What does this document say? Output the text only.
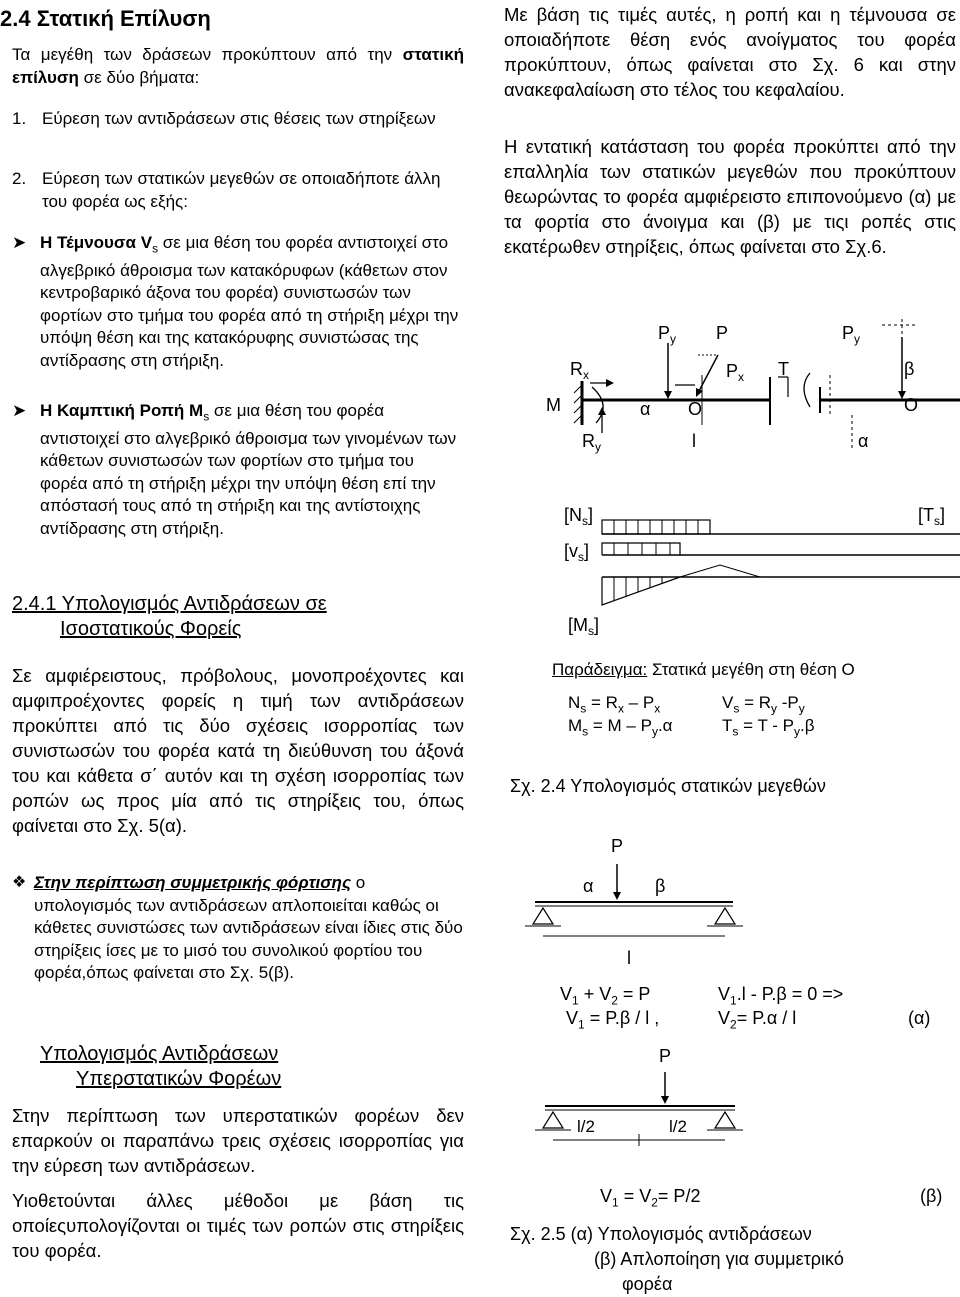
2.4 Στατική Επίλυση
Τα μεγέθη των δράσεων προκύπτουν από την στατική επίλυση σε δύο βήματα:
1. Εύρεση των αντιδράσεων στις θέσεις των στηρίξεων
2. Εύρεση των στατικών μεγεθών σε οποιαδήποτε άλλη του φορέα ως εξής:
➤ Η Τέμνουσα $V_s$ σε μια θέση του φορέα αντιστοιχεί στο αλγεβρικό άθροισμα των κατακόρυφων (κάθετων στον κεντροβαρικό άξονα του φορέα) συνιστωσών των φορτίων στο τμήμα του φορέα από τη στήριξη μέχρι την υπόψη θέση και της κατακόρυφης συνιστώσας της αντίδρασης στη στήριξη.
➤ Η Καμπτική Ροπή $M_s$ σε μια θέση του φορέα αντιστοιχεί στο αλγεβρικό άθροισμα των γινομένων των κάθετων συνιστωσών των φορτίων στο τμήμα του φορέα από τη στήριξη μέχρι την υπόψη θέση επί την απόστασή τους από τη στήριξη και της αντίστοιχης αντίδρασης στη στήριξη.
2.4.1 Υπολογισμός Αντιδράσεων σε
Ισοστατικούς Φορείς
Σε αμφιέρειστους, πρόβολους, μονοπροέχοντες και αμφιπροέχοντες φορείς η τιμή των αντιδράσεων προκύπτει από τις δύο σχέσεις ισορροπίας των συνιστωσών του φορέα κατά τη διεύθυνση του άξονά του και κάθετα σ΄ αυτόν και τη σχέση ισορροπίας των ροπών ως προς μία από τις στηρίξεις του, όπως φαίνεται στο Σχ. 5(α).
❖ Στην περίπτωση συμμετρικής φόρτισης ο υπολογισμός των αντιδράσεων απλοποιείται καθώς οι κάθετες συνιστώσες των αντιδράσεων είναι ίδιες στις δύο στηρίξεις ίσες με το μισό του συνολικού φορτίου του φορέα,όπως φαίνεται στο Σχ. 5(β).
Υπολογισμός Αντιδράσεων
Υπερστατικών Φορέων
Στην περίπτωση των υπερστατικών φορέων δεν επαρκούν οι παραπάνω τρεις σχέσεις ισορροπίας για την εύρεση των αντιδράσεων.
Υιοθετούνται άλλες μέθοδοι με βάση τις οποίεςυπολογίζονται οι τιμές των ροπών στις στηρίξεις του φορέα.
Με βάση τις τιμές αυτές, η ροπή και η τέμνουσα σε οποιαδήποτε θέση ενός ανοίγματος του φορέα προκύπτουν, όπως φαίνεται στο Σχ. 6 και στην ανακεφαλαίωση στο τέλος του κεφαλαίου.
Η εντατική κατάσταση του φορέα προκύπτει από την επαλληλία των στατικών μεγεθών που προκύπτουν θεωρώντας το φορέα αμφιέρειστο επιπονούμενο (α) με τα φορτία στο άνοιγμα και (β) με τιςι ροπές στις εκατέρωθεν στηρίξεις, όπως φαίνεται στο Σχ.6.
$R_x$
M
$R_y$
$P_y$ P
$P_x$
α O
l
T
$P_y$
β
O
α
$[N_s]$	$[T_s]$
$[v_s]$
$[M_s]$
Παράδειγμα: Στατικά μεγέθη στη θέση Ο
$N_s = R_x - P_x$	$V_s = R_y$ $-P_y$
$M_s = M - P_y.\alpha$	$T_s = T - P_y.\beta$
Σχ. 2.4 Υπολογισμός στατικών μεγεθών
P
α	β
l
$V_1 + V_2 = P$	$V_1.l - P.\beta = 0$ =>
$V_1 = P.\beta / l$ ,	$V_2= P.\alpha / l$	(α)
P
l/2	l/2
$V_1 = V_2= P/2$	(β)
Σχ. 2.5 (α) Υπολογισμός αντιδράσεων
(β) Απλοποίηση για συμμετρικό
φορέα
